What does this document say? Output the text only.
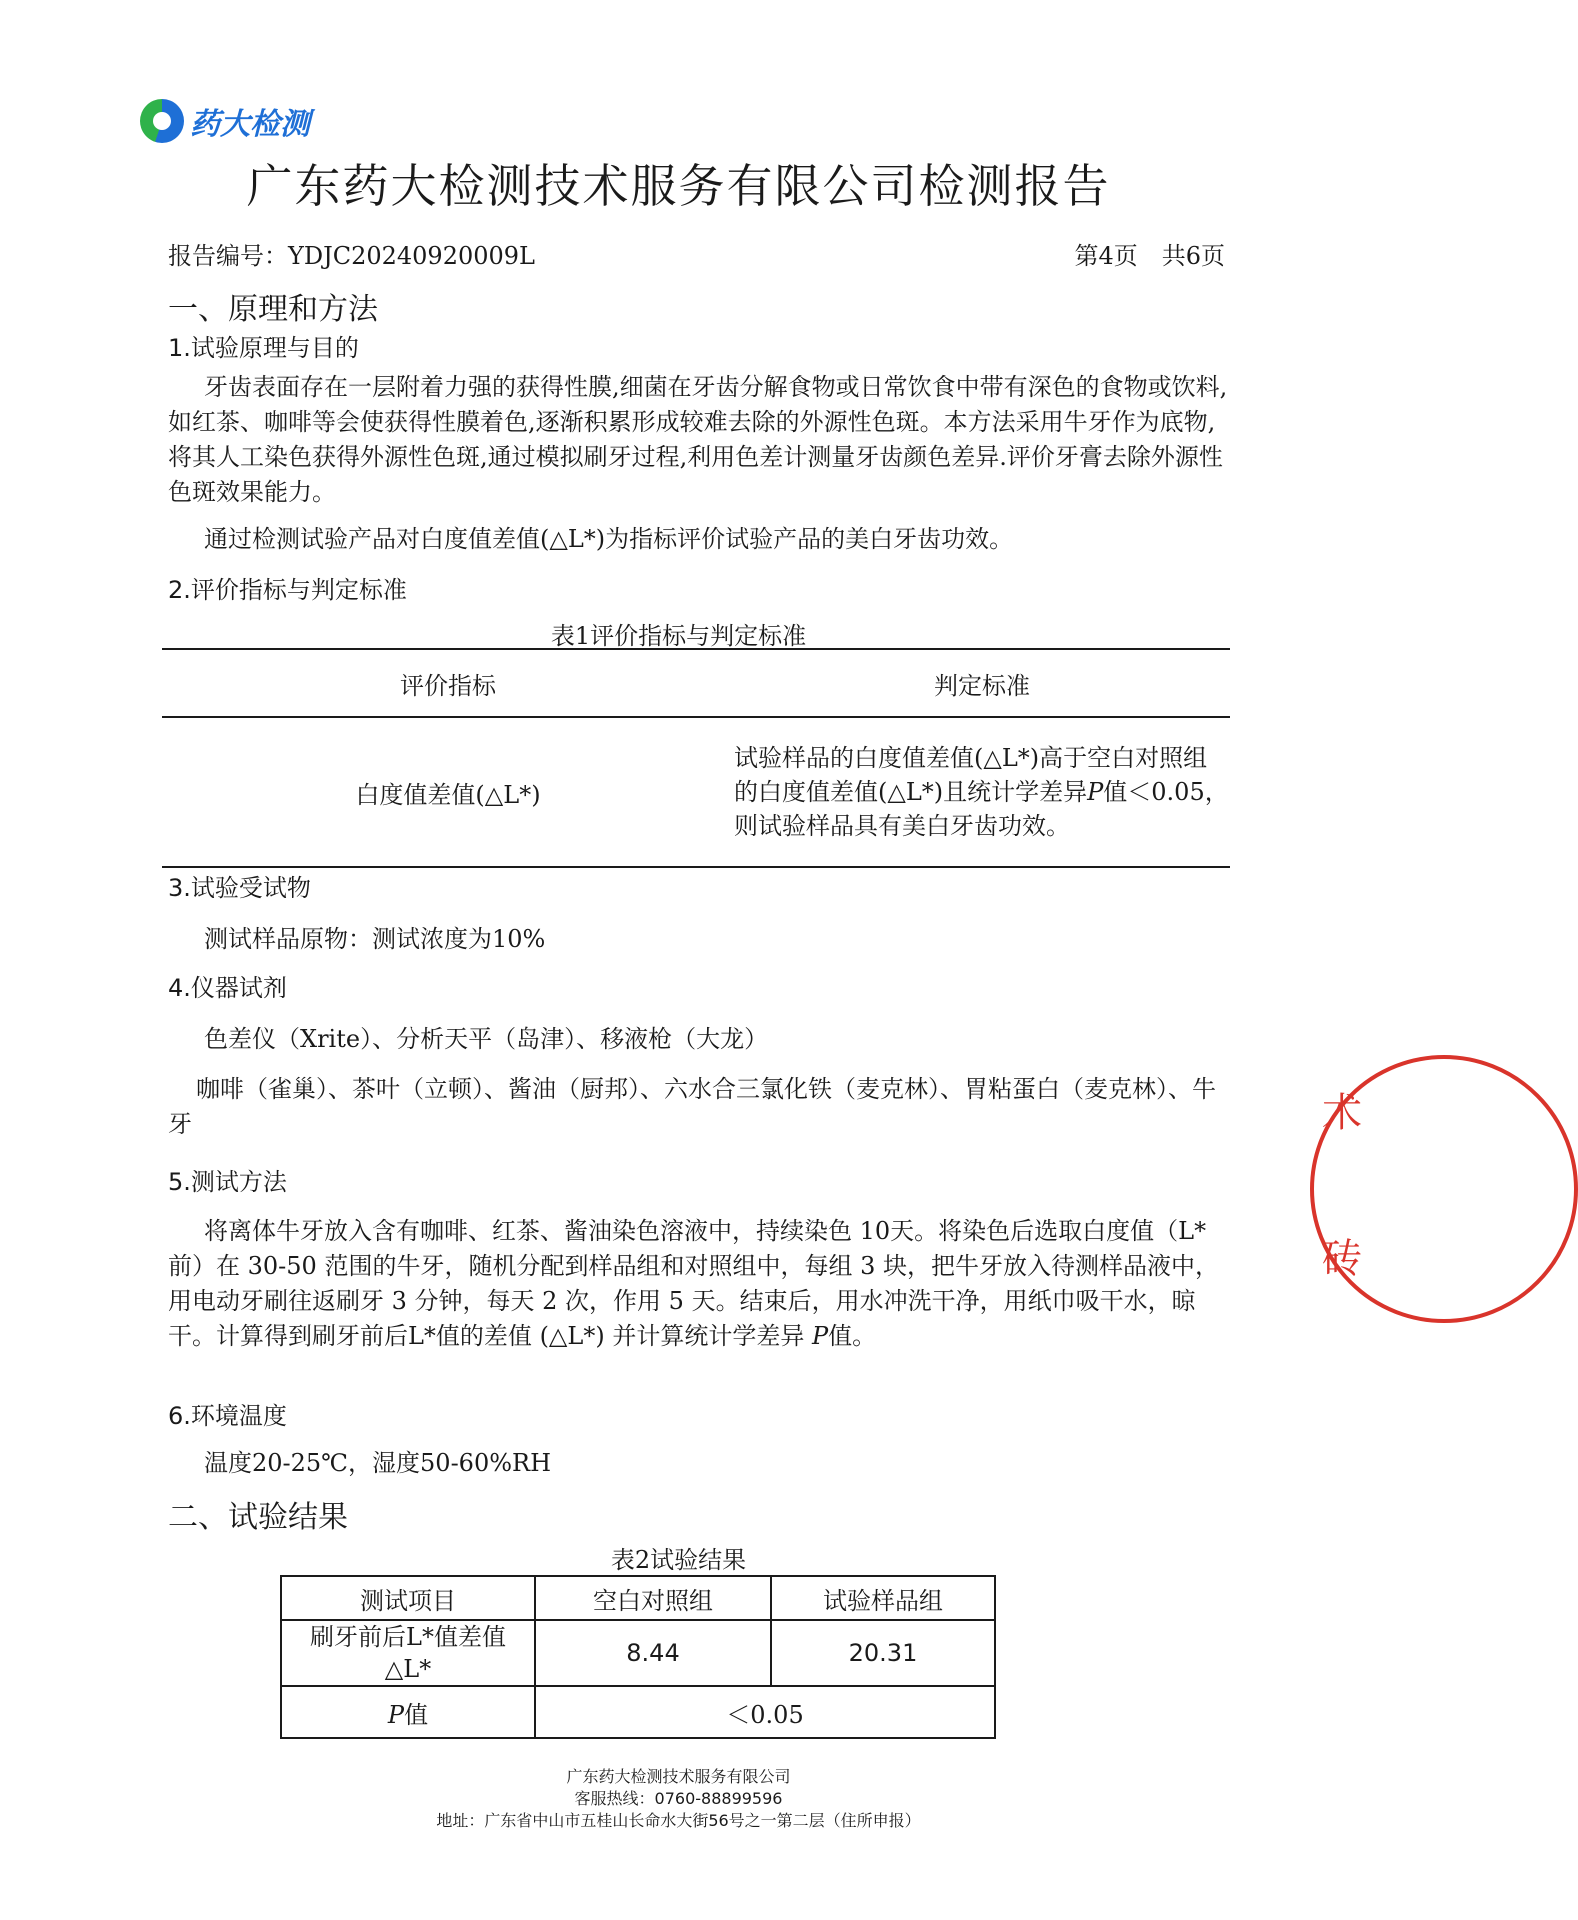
药大检测
广东药大检测技术服务有限公司检测报告
报告编号：YDJC20240920009L	第4页　共6页
一、原理和方法
1.试验原理与目的
牙齿表面存在一层附着力强的获得性膜,细菌在牙齿分解食物或日常饮食中带有深色的食物或饮料,如红茶、咖啡等会使获得性膜着色,逐渐积累形成较难去除的外源性色斑。本方法采用牛牙作为底物,将其人工染色获得外源性色斑,通过模拟刷牙过程,利用色差计测量牙齿颜色差异.评价牙膏去除外源性色斑效果能力。
通过检测试验产品对白度值差值(△L*)为指标评价试验产品的美白牙齿功效。
2.评价指标与判定标准
表1评价指标与判定标准
评价指标	判定标准
白度值差值(△L*)	试验样品的白度值差值(△L*)高于空白对照组的白度值差值(△L*)且统计学差异P值＜0.05，则试验样品具有美白牙齿功效。
3.试验受试物
测试样品原物：测试浓度为10%
4.仪器试剂
色差仪（Xrite）、分析天平（岛津）、移液枪（大龙）
咖啡（雀巢）、茶叶（立顿）、酱油（厨邦）、六水合三氯化铁（麦克林）、胃粘蛋白（麦克林）、牛牙
5.测试方法
将离体牛牙放入含有咖啡、红茶、酱油染色溶液中，持续染色 10天。将染色后选取白度值（L*前）在 30-50 范围的牛牙，随机分配到样品组和对照组中，每组 3 块，把牛牙放入待测样品液中，用电动牙刷往返刷牙 3 分钟，每天 2 次，作用 5 天。结束后，用水冲洗干净，用纸巾吸干水，晾干。计算得到刷牙前后L*值的差值 (△L*) 并计算统计学差异 P值。
6.环境温度
温度20-25℃，湿度50-60%RH
二、试验结果
表2试验结果
测试项目	空白对照组	试验样品组
刷牙前后L*值差值△L*	8.44	20.31
P值	＜0.05	
广东药大检测技术服务有限公司
客服热线：0760-88899596
地址：广东省中山市五桂山长命水大街56号之一第二层（住所申报）
术
砖
